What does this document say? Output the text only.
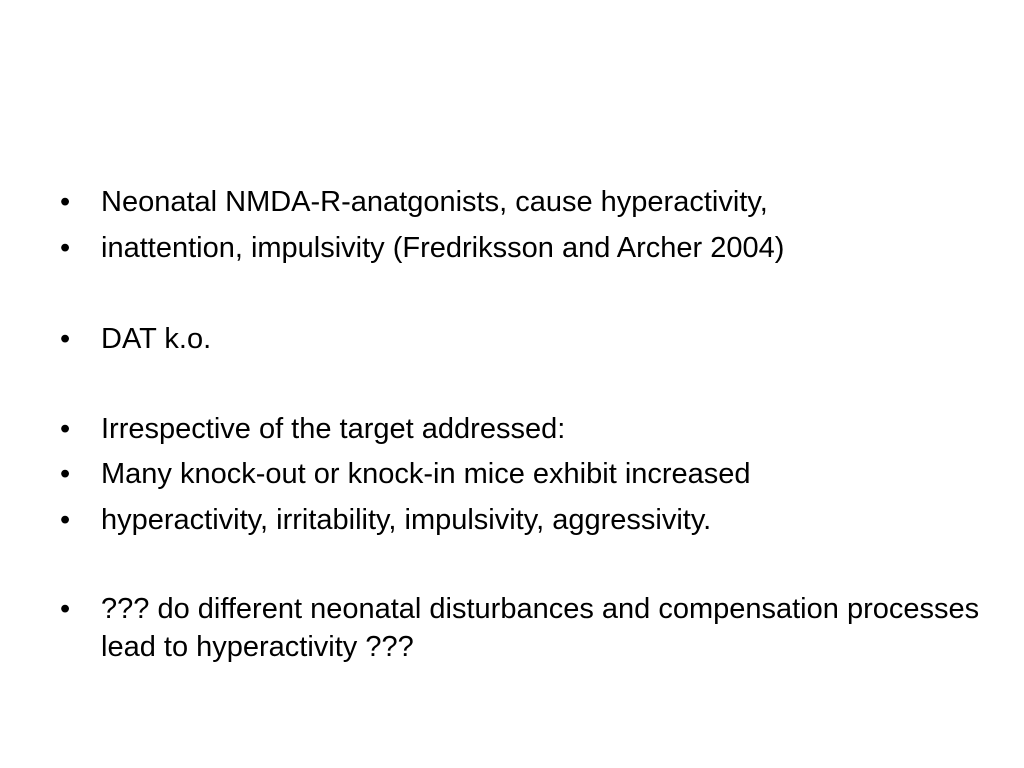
•	Neonatal NMDA-R-anatgonists, cause hyperactivity,
•	inattention, impulsivity (Fredriksson and Archer 2004)
•	DAT k.o.
•	Irrespective of the target addressed:
•	Many knock-out or knock-in mice exhibit increased
•	hyperactivity, irritability, impulsivity, aggressivity.
•	??? do different neonatal disturbances and compensation processes lead to hyperactivity ???
